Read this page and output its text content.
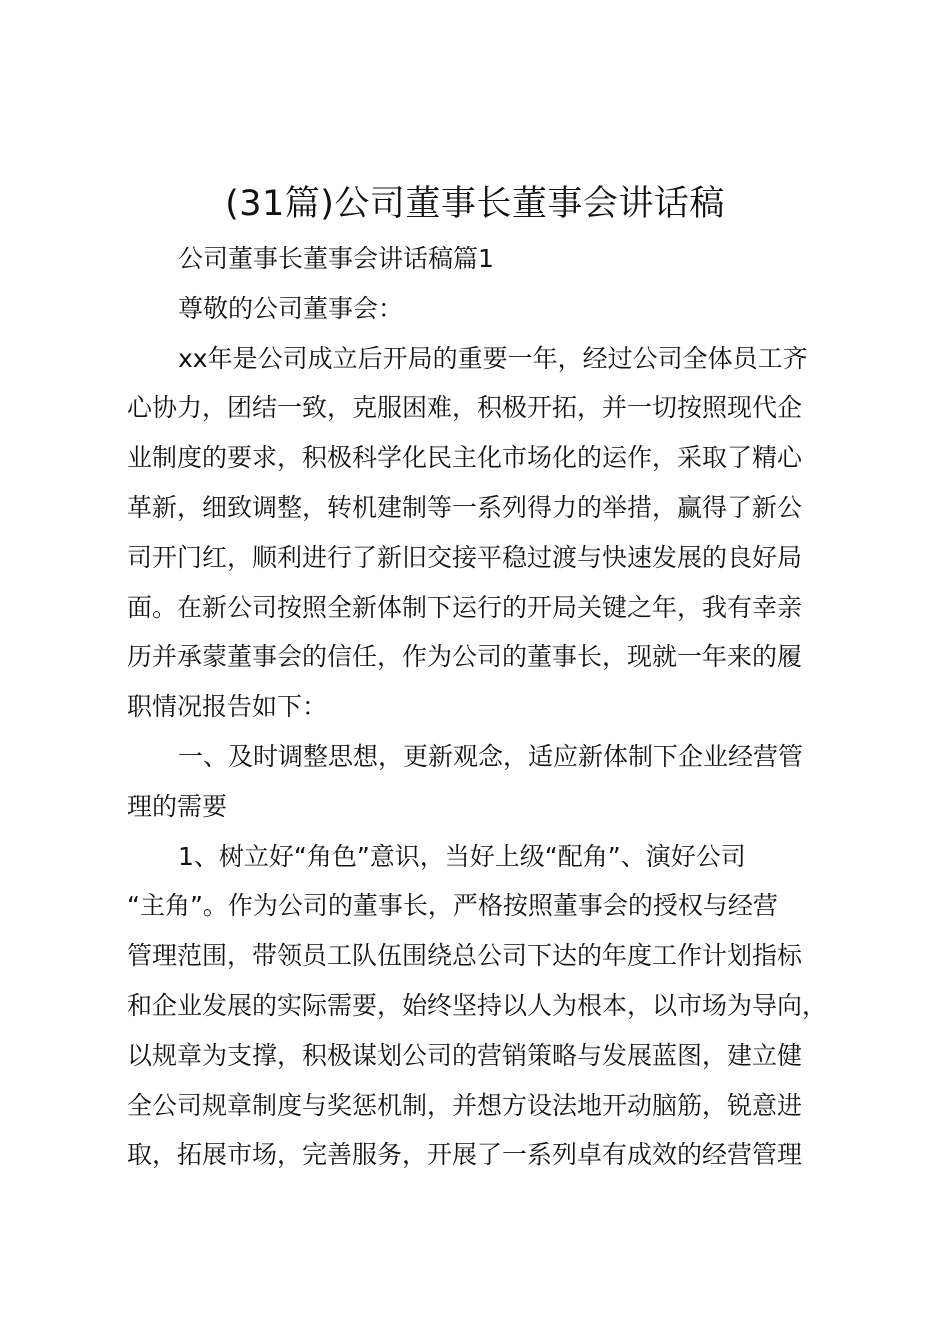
(31篇)公司董事长董事会讲话稿
公司董事长董事会讲话稿篇1
尊敬的公司董事会：
xx年是公司成立后开局的重要一年，经过公司全体员工齐
心协力，团结一致，克服困难，积极开拓，并一切按照现代企
业制度的要求，积极科学化民主化市场化的运作，采取了精心
革新，细致调整，转机建制等一系列得力的举措，赢得了新公
司开门红，顺利进行了新旧交接平稳过渡与快速发展的良好局
面。在新公司按照全新体制下运行的开局关键之年，我有幸亲
历并承蒙董事会的信任，作为公司的董事长，现就一年来的履
职情况报告如下：
一、及时调整思想，更新观念，适应新体制下企业经营管
理的需要
1、树立好“角色”意识，当好上级“配角”、演好公司
“主角”。作为公司的董事长，严格按照董事会的授权与经营
管理范围，带领员工队伍围绕总公司下达的年度工作计划指标
和企业发展的实际需要，始终坚持以人为根本，以市场为导向，
以规章为支撑，积极谋划公司的营销策略与发展蓝图，建立健
全公司规章制度与奖惩机制，并想方设法地开动脑筋，锐意进
取，拓展市场，完善服务，开展了一系列卓有成效的经营管理
